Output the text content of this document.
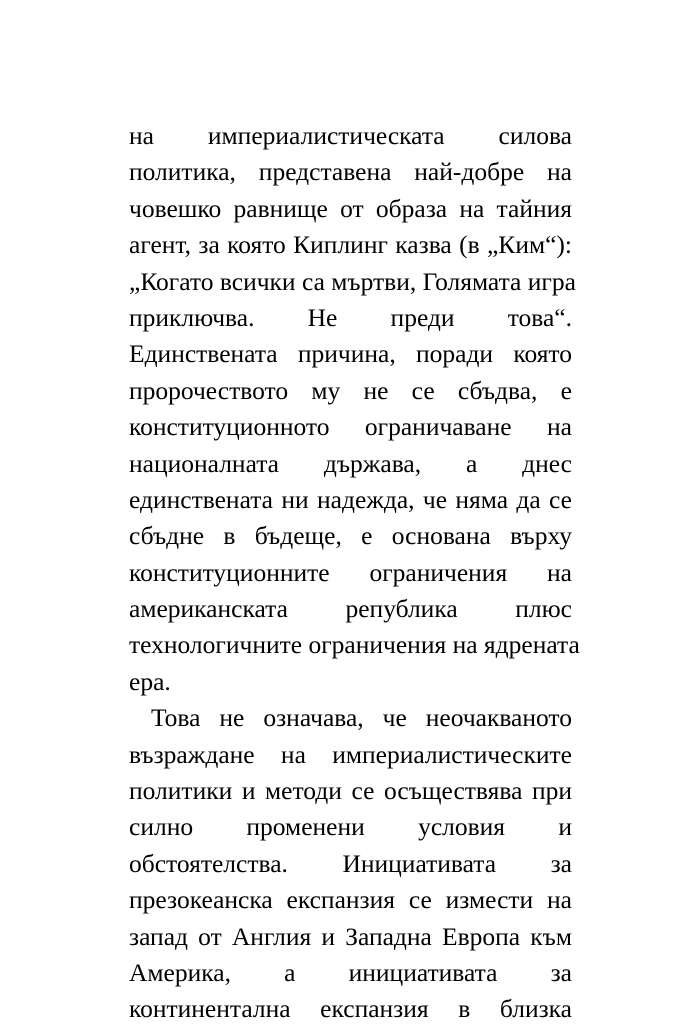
на империалистическата силова
политика, представена най-добре на
човешко равнище от образа на тайния
агент, за която Киплинг казва (в „Ким“):
„Когато всички са мъртви, Голямата игра
приключва. Не преди това“.
Единствената причина, поради която
пророчеството му не се сбъдва, е
конституционното ограничаване на
националната държава, а днес
единствената ни надежда, че няма да се
сбъдне в бъдеще, е основана върху
конституционните ограничения на
американската република плюс
технологичните ограничения на ядрената
ера.
Това не означава, че неочакваното
възраждане на империалистическите
политики и методи се осъществява при
силно променени условия и
обстоятелства. Инициативата за
презокеанска експанзия се измести на
запад от Англия и Западна Европа към
Америка, а инициативата за
континентална експанзия в близка
